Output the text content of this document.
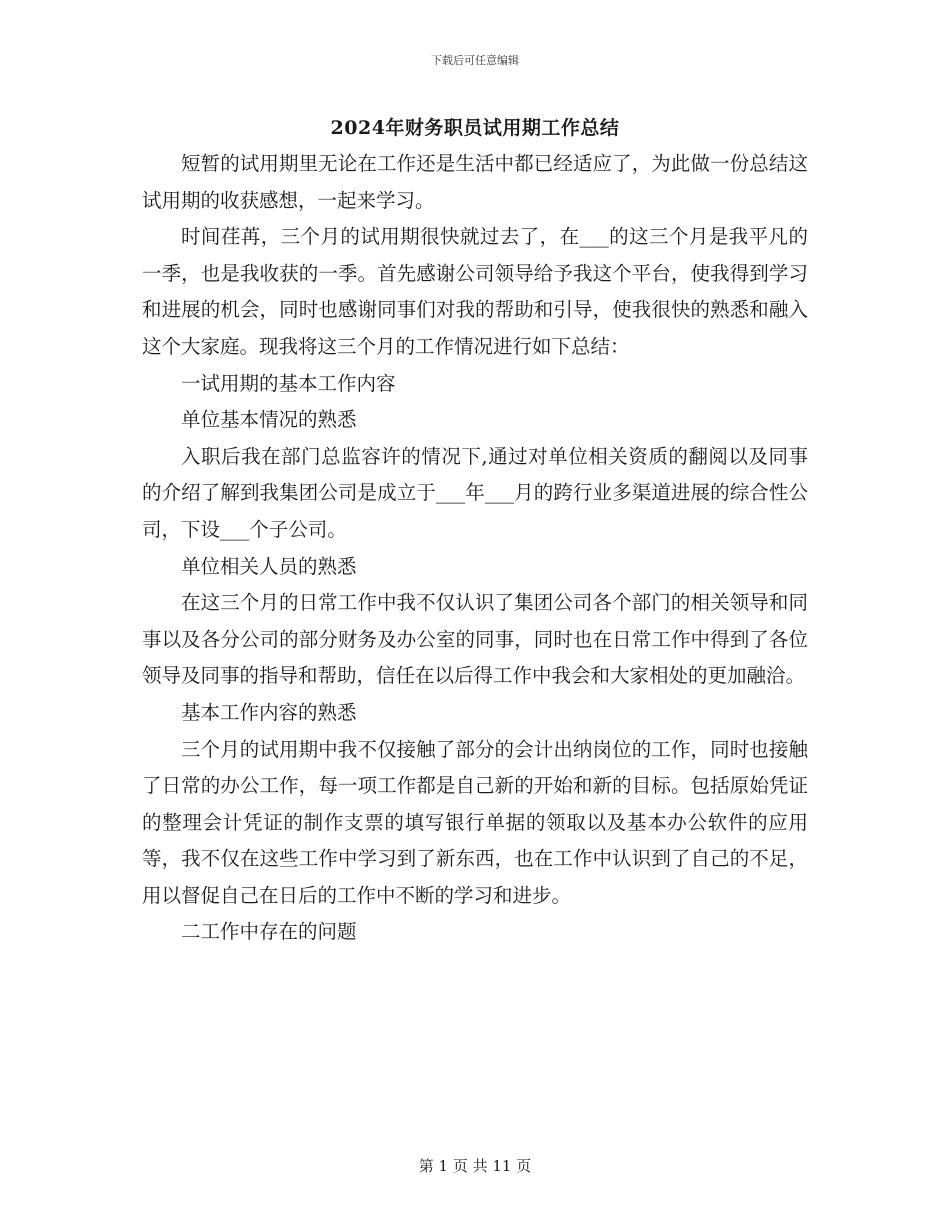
下载后可任意编辑
2024年财务职员试用期工作总结

短暂的试用期里无论在工作还是生活中都已经适应了，为此做一份总结这试用期的收获感想，一起来学习。

时间荏苒，三个月的试用期很快就过去了，在___的这三个月是我平凡的一季，也是我收获的一季。首先感谢公司领导给予我这个平台，使我得到学习和进展的机会，同时也感谢同事们对我的帮助和引导，使我很快的熟悉和融入这个大家庭。现我将这三个月的工作情况进行如下总结：

一试用期的基本工作内容

单位基本情况的熟悉

入职后我在部门总监容许的情况下,通过对单位相关资质的翻阅以及同事的介绍了解到我集团公司是成立于___年___月的跨行业多渠道进展的综合性公司，下设___个子公司。

单位相关人员的熟悉

在这三个月的日常工作中我不仅认识了集团公司各个部门的相关领导和同事以及各分公司的部分财务及办公室的同事，同时也在日常工作中得到了各位领导及同事的指导和帮助，信任在以后得工作中我会和大家相处的更加融洽。

基本工作内容的熟悉

三个月的试用期中我不仅接触了部分的会计出纳岗位的工作，同时也接触了日常的办公工作，每一项工作都是自己新的开始和新的目标。包括原始凭证的整理会计凭证的制作支票的填写银行单据的领取以及基本办公软件的应用等，我不仅在这些工作中学习到了新东西，也在工作中认识到了自己的不足，用以督促自己在日后的工作中不断的学习和进步。

二工作中存在的问题

第 1 页 共 11 页
